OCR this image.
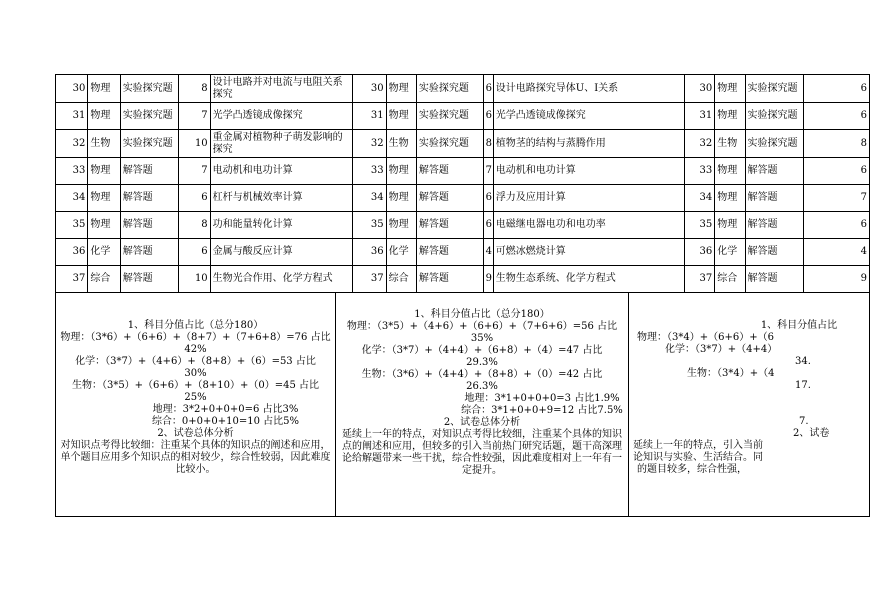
30	物理	实验探究题	8	设计电路并对电流与电阻关系探究	30	物理	实验探究题	6	设计电路探究导体U、I关系	30	物理	实验探究题	6
31	物理	实验探究题	7	光学凸透镜成像探究	31	物理	实验探究题	6	光学凸透镜成像探究	31	物理	实验探究题	6
32	生物	实验探究题	10	重金属对植物种子萌发影响的探究	32	生物	实验探究题	8	植物茎的结构与蒸腾作用	32	生物	实验探究题	8
33	物理	解答题	7	电动机和电功计算	33	物理	解答题	7	电动机和电功计算	33	物理	解答题	6
34	物理	解答题	6	杠杆与机械效率计算	34	物理	解答题	6	浮力及应用计算	34	物理	解答题	7
35	物理	解答题	8	功和能量转化计算	35	物理	解答题	6	电磁继电器电功和电功率	35	物理	解答题	6
36	化学	解答题	6	金属与酸反应计算	36	化学	解答题	4	可燃冰燃烧计算	36	化学	解答题	4
37	综合	解答题	10	生物光合作用、化学方程式	37	综合	解答题	9	生物生态系统、化学方程式	37	综合	解答题	9
1、科目分值占比（总分180）
物理：（3*6）+（6+6）+（8+7）+（7+6+8）=76 占比
42%
化学：（3*7）+（4+6）+（8+8）+（6）=53 占比
30%
生物：（3*5）+（6+6）+（8+10）+（0）=45 占比
25%
地理：3*2+0+0+0=6 占比3%
综合：0+0+0+10=10 占比5%
2、试卷总体分析
对知识点考得比较细：注重某个具体的知识点的阐述和应用，单个题目应用多个知识点的相对较少，综合性较弱，因此难度比较小。
1、科目分值占比（总分180）
物理：（3*5）+（4+6）+（6+6）+（7+6+6）=56 占比
35%
化学：（3*7）+（4+4）+（6+8）+（4）=47 占比
29.3%
生物：（3*6）+（4+4）+（8+8）+（0）=42 占比
26.3%
地理：3*1+0+0+0=3 占比1.9%
综合：3*1+0+0+9=12 占比7.5%
2、试卷总体分析
延续上一年的特点，对知识点考得比较细，注重某个具体的知识点的阐述和应用，但较多的引入当前热门研究话题，题干高深理论给解题带来一些干扰，综合性较强，因此难度相对上一年有一定提升。
1、科目分值占比
物理：（3*4）+（6+6）+（6
化学：（3*7）+（4+4）
34.
生物：（3*4）+（4
17.
7.
2、试卷
延续上一年的特点，引入当前
论知识与实验、生活结合。同
的题目较多，综合性强，
